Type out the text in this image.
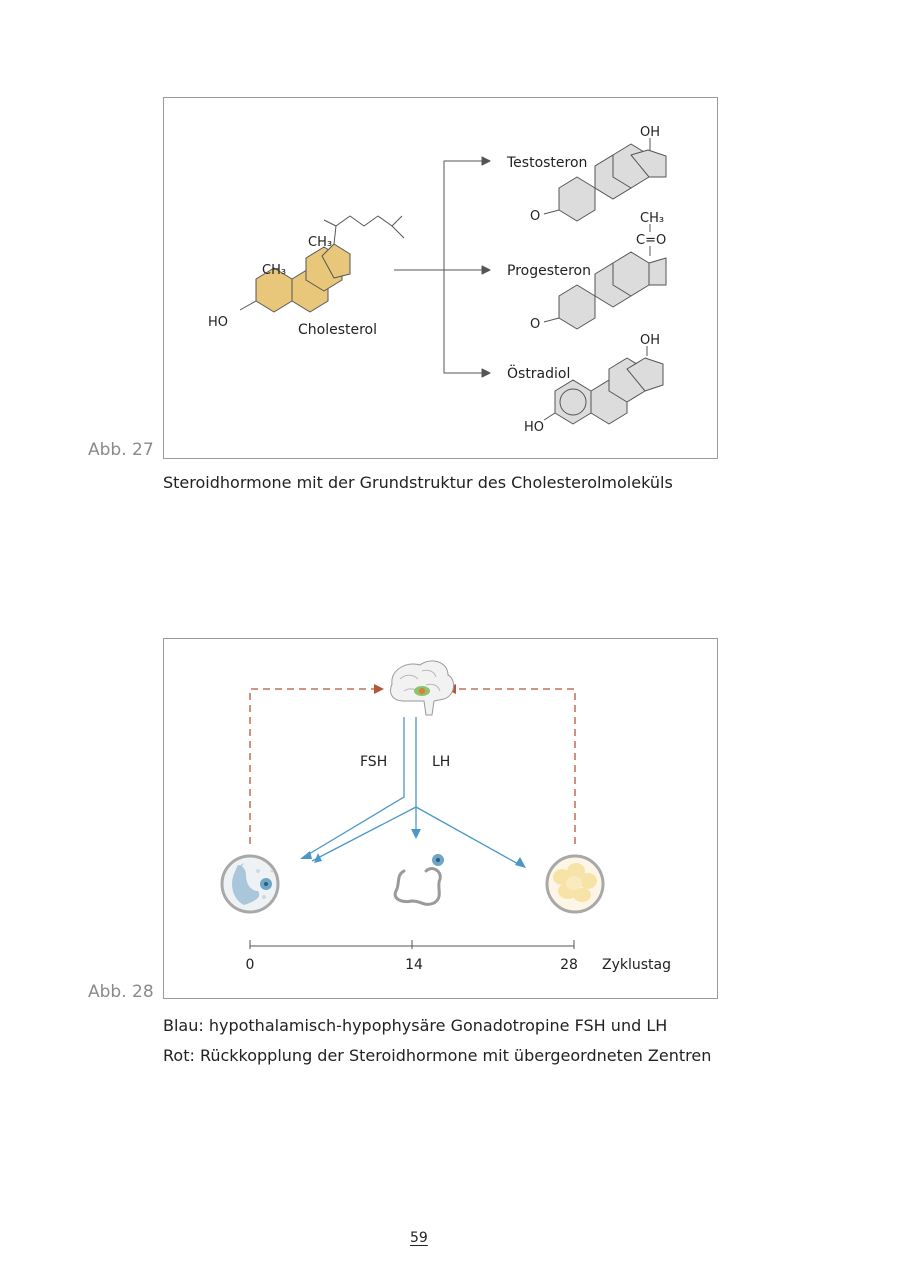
Cholesterol
CH₃
CH₃
HO
Testosteron
OH
O
Progesteron
CH₃
C=O
O
Östradiol
OH
HO
Abb. 27
Steroidhormone mit der Grundstruktur des Cholesterolmoleküls
FSH	LH
0	14	28 Zyklustag
Abb. 28
Blau: hypothalamisch-hypophysäre Gonadotropine FSH und LH
Rot: Rückkopplung der Steroidhormone mit übergeordneten Zentren
59
